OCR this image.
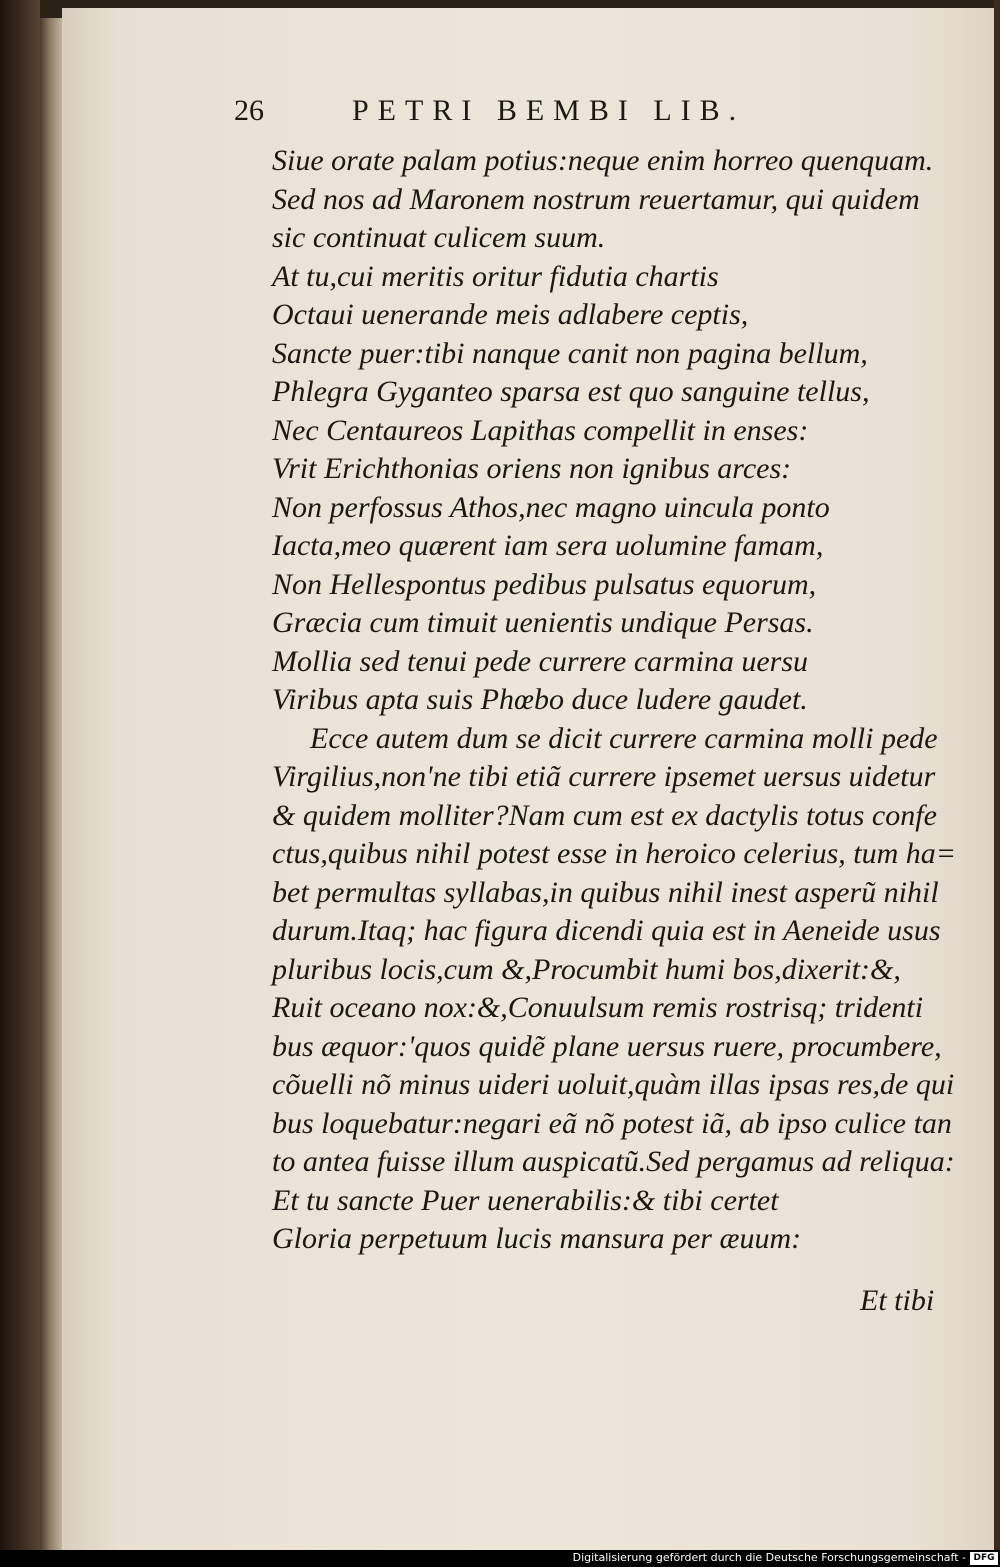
26	PETRI BEMBI LIB.
Siue orate palam potius:neque enim horreo quenquam.
Sed nos ad Maronem nostrum reuertamur, qui quidem
sic continuat culicem suum.
At tu,cui meritis oritur fidutia chartis
Octaui uenerande meis adlabere ceptis,
Sancte puer:tibi nanque canit non pagina bellum,
Phlegra Gyganteo sparsa est quo sanguine tellus,
Nec Centaureos Lapithas compellit in enses:
Vrit Erichthonias oriens non ignibus arces:
Non perfossus Athos,nec magno uincula ponto
Iacta,meo quærent iam sera uolumine famam,
Non Hellespontus pedibus pulsatus equorum,
Græcia cum timuit uenientis undique Persas.
Mollia sed tenui pede currere carmina uersu
Viribus apta suis Phœbo duce ludere gaudet.
Ecce autem dum se dicit currere carmina molli pede
Virgilius,non'ne tibi etiã currere ipsemet uersus uidetur
& quidem molliter?Nam cum est ex dactylis totus confe
ctus,quibus nihil potest esse in heroico celerius, tum ha=
bet permultas syllabas,in quibus nihil inest asperũ nihil
durum.Itaq; hac figura dicendi quia est in Aeneide usus
pluribus locis,cum &,Procumbit humi bos,dixerit:&,
Ruit oceano nox:&,Conuulsum remis rostrisq; tridenti
bus æquor:'quos quidẽ plane uersus ruere, procumbere,
cõuelli nõ minus uideri uoluit,quàm illas ipsas res,de qui
bus loquebatur:negari eã nõ potest iã, ab ipso culice tan
to antea fuisse illum auspicatũ.Sed pergamus ad reliqua:
Et tu sancte Puer uenerabilis:& tibi certet
Gloria perpetuum lucis mansura per æuum:
Et tibi
Digitalisierung gefördert durch die Deutsche Forschungsgemeinschaft - DFG
